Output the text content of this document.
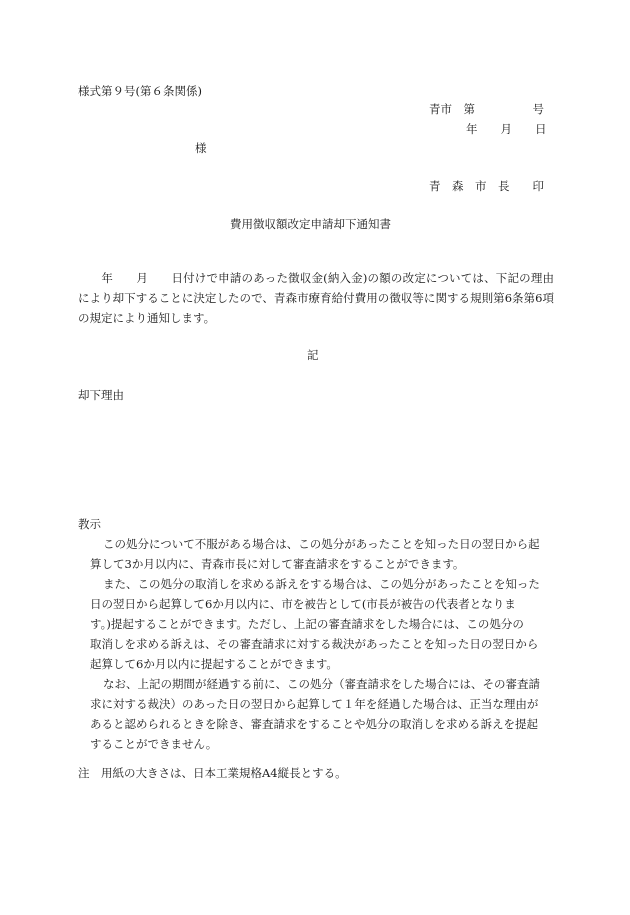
様式第９号(第６条関係)
青市　第　　　　　号
年　　月　　日
様
青　森　市　長　　印
費用徴収額改定申請却下通知書
　　年　　月　　日付けで申請のあった徴収金(納入金)の額の改定については、下記の理由により却下することに決定したので、青森市療育給付費用の徴収等に関する規則第6条第6項の規定により通知します。
記
却下理由
教示
この処分について不服がある場合は、この処分があったことを知った日の翌日から起
算して3か月以内に、青森市長に対して審査請求をすることができます。
また、この処分の取消しを求める訴えをする場合は、この処分があったことを知った
日の翌日から起算して6か月以内に、市を被告として(市長が被告の代表者となりま
す。)提起することができます。ただし、上記の審査請求をした場合には、この処分の
取消しを求める訴えは、その審査請求に対する裁決があったことを知った日の翌日から
起算して6か月以内に提起することができます。
なお、上記の期間が経過する前に、この処分（審査請求をした場合には、その審査請
求に対する裁決）のあった日の翌日から起算して１年を経過した場合は、正当な理由が
あると認められるときを除き、審査請求をすることや処分の取消しを求める訴えを提起
することができません。
注　用紙の大きさは、日本工業規格A4縦長とする。
